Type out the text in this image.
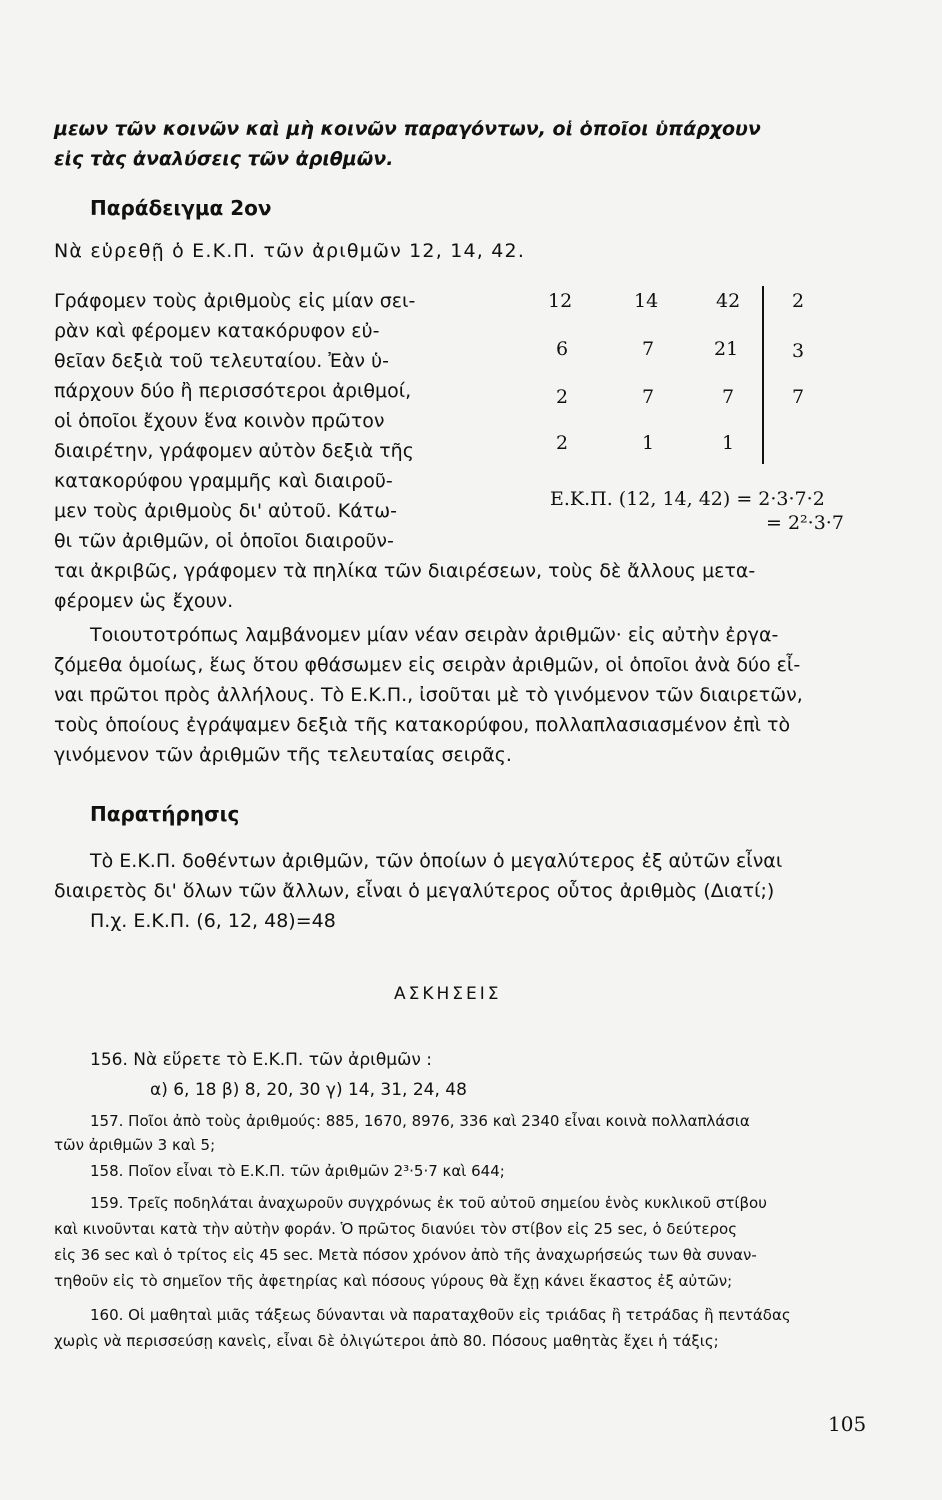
μεων τῶν κοινῶν καὶ μὴ κοινῶν παραγόντων, οἱ ὁποῖοι ὑπάρχουν
εἰς τὰς ἀναλύσεις τῶν ἀριθμῶν.
Παράδειγμα 2ον
Νὰ εὑρεθῇ ὁ Ε.Κ.Π. τῶν ἀριθμῶν 12, 14, 42.
Γράφομεν τοὺς ἀριθμοὺς εἰς μίαν σει-
ρὰν καὶ φέρομεν κατακόρυφον εὐ-
θεῖαν δεξιὰ τοῦ τελευταίου. Ἐὰν ὑ-
πάρχουν δύο ἢ περισσότεροι ἀριθμοί,
οἱ ὁποῖοι ἔχουν ἕνα κοινὸν πρῶτον
διαιρέτην, γράφομεν αὐτὸν δεξιὰ τῆς
κατακορύφου γραμμῆς καὶ διαιροῦ-
μεν τοὺς ἀριθμοὺς δι' αὐτοῦ. Κάτω-
θι τῶν ἀριθμῶν, οἱ ὁποῖοι διαιροῦν-
ται ἀκριβῶς, γράφομεν τὰ πηλίκα τῶν διαιρέσεων, τοὺς δὲ ἄλλους μετα-
φέρομεν ὡς ἔχουν.
12	14	42	2
6	7	21	3
2	7	7	7
2	1	1
Ε.Κ.Π. (12, 14, 42) = 2·3·7·2
= 2²·3·7
Τοιουτοτρόπως λαμβάνομεν μίαν νέαν σειρὰν ἀριθμῶν· εἰς αὐτὴν ἐργα-
ζόμεθα ὁμοίως, ἕως ὅτου φθάσωμεν εἰς σειρὰν ἀριθμῶν, οἱ ὁποῖοι ἀνὰ δύο εἶ-
ναι πρῶτοι πρὸς ἀλλήλους. Τὸ Ε.Κ.Π., ἰσοῦται μὲ τὸ γινόμενον τῶν διαιρετῶν,
τοὺς ὁποίους ἐγράψαμεν δεξιὰ τῆς κατακορύφου, πολλαπλασιασμένον ἐπὶ τὸ
γινόμενον τῶν ἀριθμῶν τῆς τελευταίας σειρᾶς.
Παρατήρησις
Τὸ Ε.Κ.Π. δοθέντων ἀριθμῶν, τῶν ὁποίων ὁ μεγαλύτερος ἐξ αὐτῶν εἶναι
διαιρετὸς δι' ὅλων τῶν ἄλλων, εἶναι ὁ μεγαλύτερος οὗτος ἀριθμὸς (Διατί;)
Π.χ. Ε.Κ.Π. (6, 12, 48)=48
ΑΣΚΗΣΕΙΣ
156. Νὰ εὕρετε τὸ Ε.Κ.Π. τῶν ἀριθμῶν :
α) 6, 18 β) 8, 20, 30 γ) 14, 31, 24, 48
157. Ποῖοι ἀπὸ τοὺς ἀριθμούς: 885, 1670, 8976, 336 καὶ 2340 εἶναι κοινὰ πολλαπλάσια
τῶν ἀριθμῶν 3 καὶ 5;
158. Ποῖον εἶναι τὸ Ε.Κ.Π. τῶν ἀριθμῶν 2³·5·7 καὶ 644;
159. Τρεῖς ποδηλάται ἀναχωροῦν συγχρόνως ἐκ τοῦ αὐτοῦ σημείου ἑνὸς κυκλικοῦ στίβου
καὶ κινοῦνται κατὰ τὴν αὐτὴν φοράν. Ὁ πρῶτος διανύει τὸν στίβον εἰς 25 sec, ὁ δεύτερος
εἰς 36 sec καὶ ὁ τρίτος εἰς 45 sec. Μετὰ πόσον χρόνον ἀπὸ τῆς ἀναχωρήσεώς των θὰ συναν-
τηθοῦν εἰς τὸ σημεῖον τῆς ἀφετηρίας καὶ πόσους γύρους θὰ ἔχῃ κάνει ἕκαστος ἐξ αὐτῶν;
160. Οἱ μαθηταὶ μιᾶς τάξεως δύνανται νὰ παραταχθοῦν εἰς τριάδας ἢ τετράδας ἢ πεντάδας
χωρὶς νὰ περισσεύσῃ κανεὶς, εἶναι δὲ ὀλιγώτεροι ἀπὸ 80. Πόσους μαθητὰς ἔχει ἡ τάξις;
105
